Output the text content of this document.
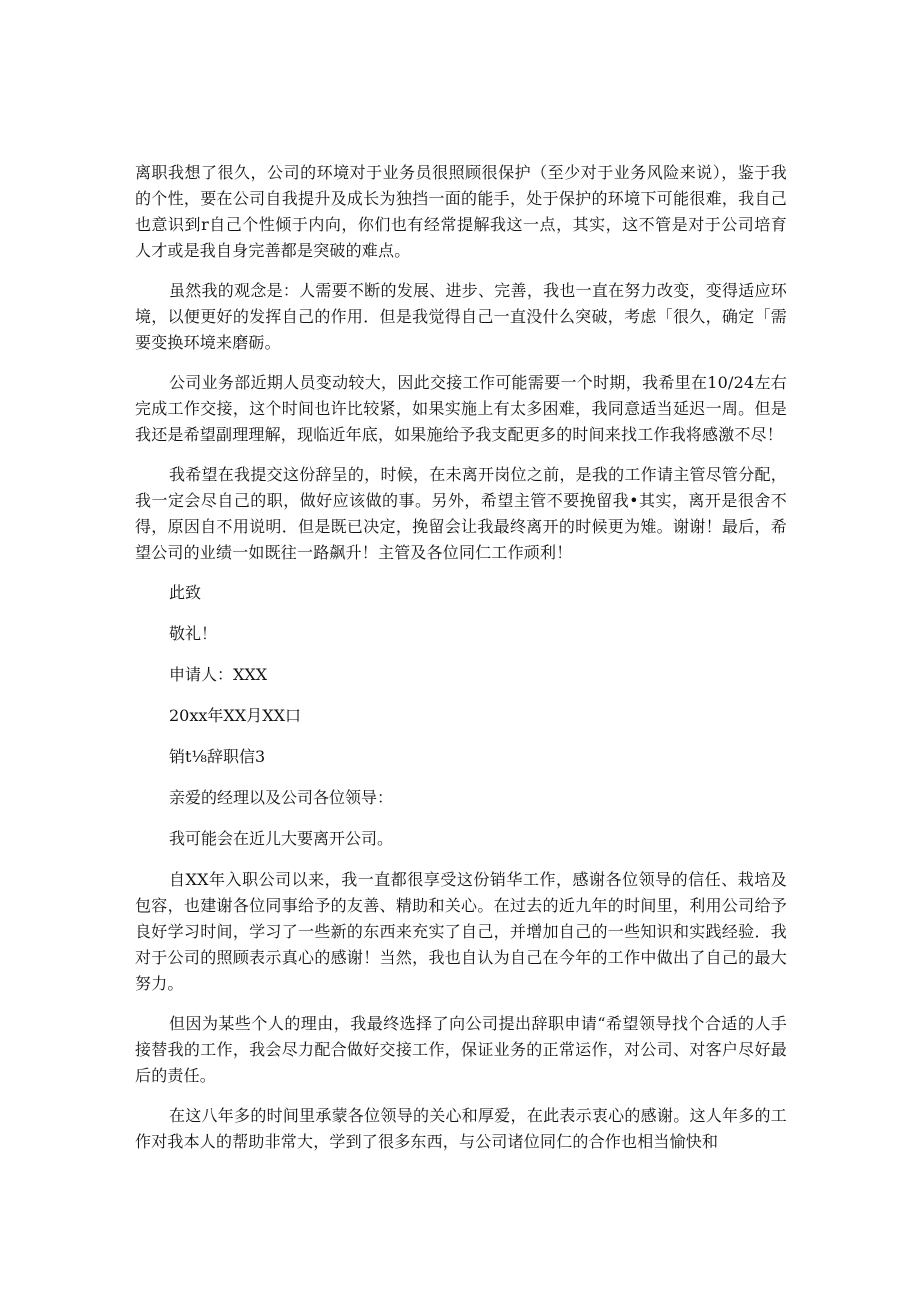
离职我想了很久，公司的环境对于业务员很照顾很保护（至少对于业务风险来说），鉴于我的个性，要在公司自我提升及成长为独挡一面的能手，处于保护的环境下可能很难，我自己也意识到r自己个性倾于内向，你们也有经常提解我这一点，其实，这不管是对于公司培育人才或是我自身完善都是突破的难点。

虽然我的观念是：人需要不断的发展、进步、完善，我也一直在努力改变，变得适应环境，以便更好的发挥自己的作用．但是我觉得自己一直没什么突破，考虑「很久，确定「需要变换环境来磨砺。

公司业务部近期人员变动较大，因此交接工作可能需要一个时期，我希里在10/24左右完成工作交接，这个时间也许比较紧，如果实施上有太多困难，我同意适当延迟一周。但是我还是希望副理理解，现临近年底，如果施给予我支配更多的时间来找工作我将感激不尽！

我希望在我提交这份辞呈的，时候，在未离开岗位之前，是我的工作请主管尽管分配，我一定会尽自己的职，做好应该做的事。另外，希望主管不要挽留我•其实，离开是很舍不得，原因自不用说明．但是既已决定，挽留会让我最终离开的时候更为雉。谢谢！最后，希望公司的业绩一如既往一路飙升！主管及各位同仁工作顽利！

此致

敬礼！

申请人：XXX

20xx年XX月XX口

销t⅛辞职信3

亲爱的经理以及公司各位领导：

我可能会在近儿大要离开公司。

自XX年入职公司以来，我一直都很享受这份销华工作，感谢各位领导的信任、栽培及包容，也建谢各位同事给予的友善、精助和关心。在过去的近九年的时间里，利用公司给予良好学习时间，学习了一些新的东西来充实了自己，并增加自己的一些知识和实践经验．我对于公司的照顾表示真心的感谢！当然，我也自认为自己在今年的工作中做出了自己的最大努力。

但因为某些个人的理由，我最终选择了向公司提出辞职申请“希望领导找个合适的人手接替我的工作，我会尽力配合做好交接工作，保证业务的正常运作，对公司、对客户尽好最后的责任。

在这八年多的时间里承蒙各位领导的关心和厚爱，在此表示衷心的感谢。这人年多的工作对我本人的帮助非常大，学到了很多东西，与公司诸位同仁的合作也相当愉快和
